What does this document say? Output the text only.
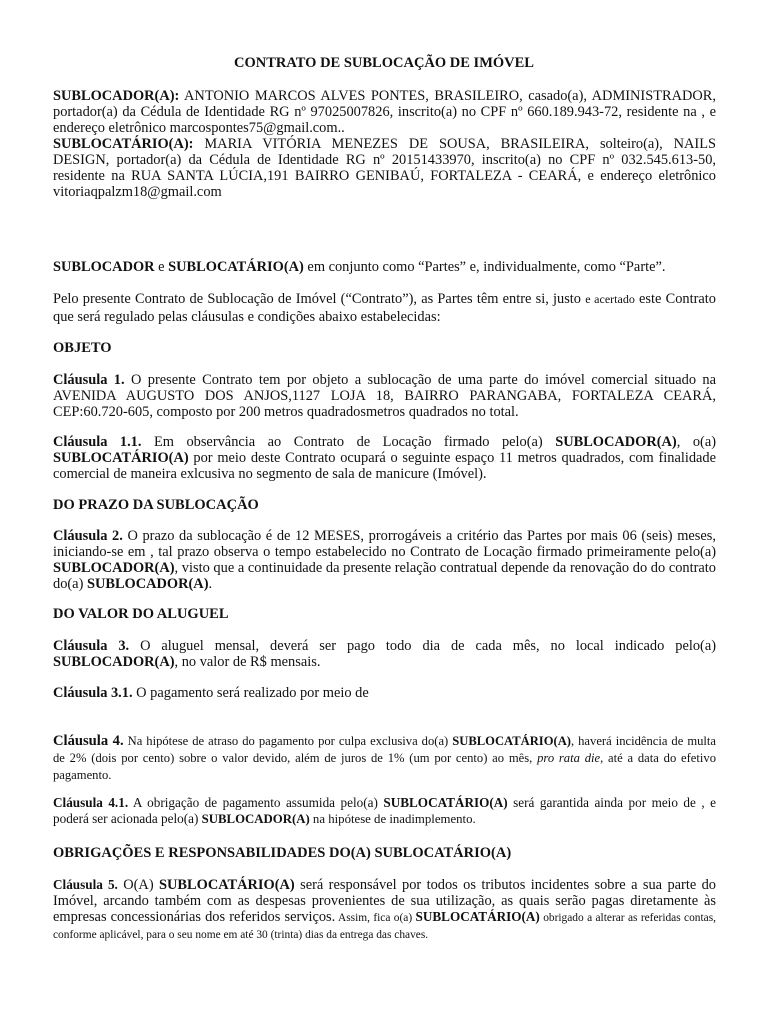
CONTRATO DE SUBLOCAÇÃO DE IMÓVEL

SUBLOCADOR(A): ANTONIO MARCOS ALVES PONTES, BRASILEIRO, casado(a), ADMINISTRADOR, portador(a) da Cédula de Identidade RG nº 97025007826, inscrito(a) no CPF nº 660.189.943-72, residente na , e endereço eletrônico marcospontes75@gmail.com..
SUBLOCATÁRIO(A): MARIA VITÓRIA MENEZES DE SOUSA, BRASILEIRA, solteiro(a), NAILS DESIGN, portador(a) da Cédula de Identidade RG nº 20151433970, inscrito(a) no CPF nº 032.545.613-50, residente na RUA SANTA LÚCIA,191 BAIRRO GENIBAÚ, FORTALEZA - CEARÁ, e endereço eletrônico vitoriaqpalzm18@gmail.com

SUBLOCADOR e SUBLOCATÁRIO(A) em conjunto como “Partes” e, individualmente, como “Parte”.

Pelo presente Contrato de Sublocação de Imóvel (“Contrato”), as Partes têm entre si, justo e acertado este Contrato que será regulado pelas cláusulas e condições abaixo estabelecidas:

OBJETO

Cláusula 1. O presente Contrato tem por objeto a sublocação de uma parte do imóvel comercial situado na AVENIDA AUGUSTO DOS ANJOS,1127 LOJA 18, BAIRRO PARANGABA, FORTALEZA CEARÁ, CEP:60.720-605, composto por 200 metros quadradosmetros quadrados no total.

Cláusula 1.1. Em observância ao Contrato de Locação firmado pelo(a) SUBLOCADOR(A), o(a) SUBLOCATÁRIO(A) por meio deste Contrato ocupará o seguinte espaço 11 metros quadrados, com finalidade comercial de maneira exlcusiva no segmento de sala de manicure (Imóvel).

DO PRAZO DA SUBLOCAÇÃO

Cláusula 2. O prazo da sublocação é de 12 MESES, prorrogáveis a critério das Partes por mais 06 (seis) meses, iniciando-se em , tal prazo observa o tempo estabelecido no Contrato de Locação firmado primeiramente pelo(a) SUBLOCADOR(A), visto que a continuidade da presente relação contratual depende da renovação do do contrato do(a) SUBLOCADOR(A).

DO VALOR DO ALUGUEL

Cláusula 3. O aluguel mensal, deverá ser pago todo dia de cada mês, no local indicado pelo(a) SUBLOCADOR(A), no valor de R$ mensais.

Cláusula 3.1. O pagamento será realizado por meio de

Cláusula 4. Na hipótese de atraso do pagamento por culpa exclusiva do(a) SUBLOCATÁRIO(A), haverá incidência de multa de 2% (dois por cento) sobre o valor devido, além de juros de 1% (um por cento) ao mês, pro rata die, até a data do efetivo pagamento.

Cláusula 4.1. A obrigação de pagamento assumida pelo(a) SUBLOCATÁRIO(A) será garantida ainda por meio de , e poderá ser acionada pelo(a) SUBLOCADOR(A) na hipótese de inadimplemento.

OBRIGAÇÕES E RESPONSABILIDADES DO(A) SUBLOCATÁRIO(A)

Cláusula 5. O(A) SUBLOCATÁRIO(A) será responsável por todos os tributos incidentes sobre a sua parte do Imóvel, arcando também com as despesas provenientes de sua utilização, as quais serão pagas diretamente às empresas concessionárias dos referidos serviços. Assim, fica o(a) SUBLOCATÁRIO(A) obrigado a alterar as referidas contas, conforme aplicável, para o seu nome em até 30 (trinta) dias da entrega das chaves.
